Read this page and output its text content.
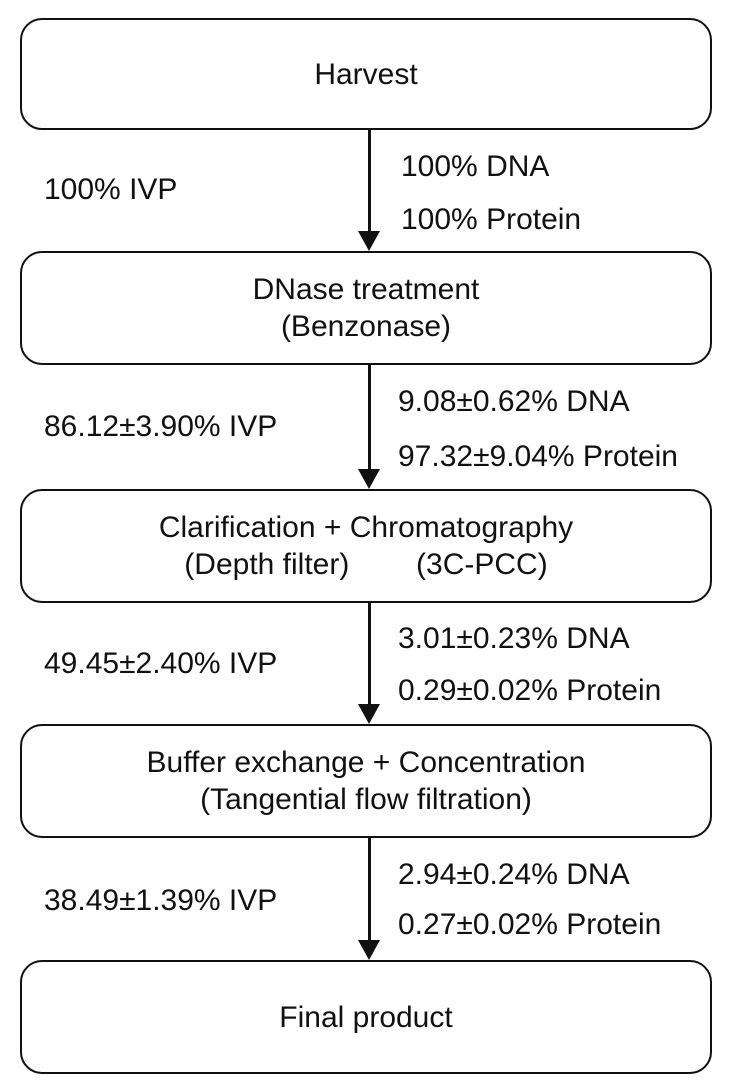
Harvest
DNase treatment
(Benzonase)
Clarification + Chromatography
(Depth filter)        (3C-PCC)
Buffer exchange + Concentration
(Tangential flow filtration)
Final product
100% IVP
100% DNA
100% Protein
86.12±3.90% IVP
9.08±0.62% DNA
97.32±9.04% Protein
49.45±2.40% IVP
3.01±0.23% DNA
0.29±0.02% Protein
38.49±1.39% IVP
2.94±0.24% DNA
0.27±0.02% Protein
